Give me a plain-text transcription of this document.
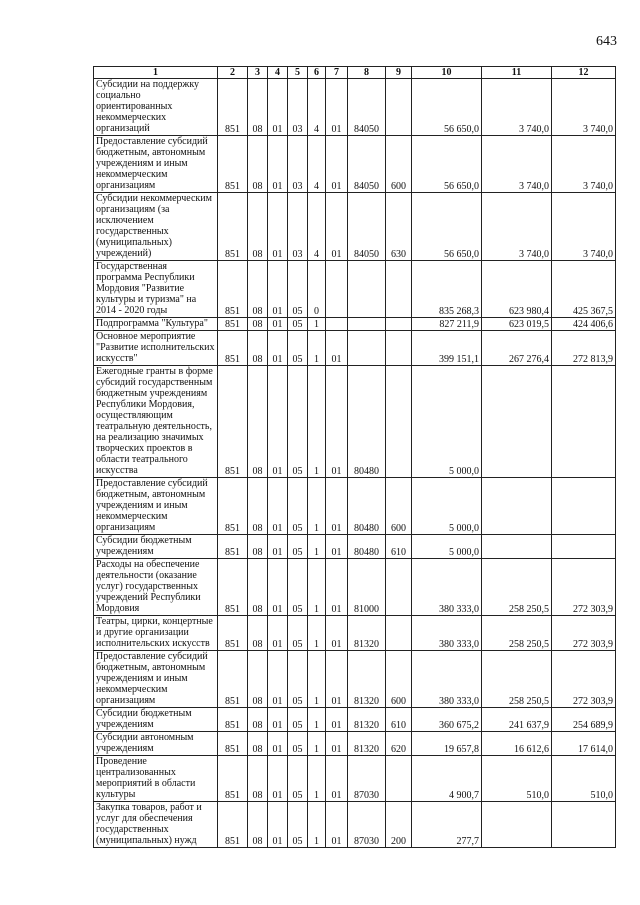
643
1	2	3	4	5	6	7	8	9	10	11	12
Субсидии на поддержку социально ориентированных некоммерческих организаций	851	08	01	03	4	01	84050		56 650,0	3 740,0	3 740,0
Предоставление субсидий бюджетным, автономным учреждениям и иным некоммерческим организациям	851	08	01	03	4	01	84050	600	56 650,0	3 740,0	3 740,0
Субсидии некоммерческим организациям (за исключением государственных (муниципальных) учреждений)	851	08	01	03	4	01	84050	630	56 650,0	3 740,0	3 740,0
Государственная программа Республики Мордовия "Развитие культуры и туризма" на 2014 - 2020 годы	851	08	01	05	0				835 268,3	623 980,4	425 367,5
Подпрограмма "Культура"	851	08	01	05	1				827 211,9	623 019,5	424 406,6
Основное мероприятие "Развитие исполнительских искусств"	851	08	01	05	1	01			399 151,1	267 276,4	272 813,9
Ежегодные гранты в форме субсидий государственным бюджетным учреждениям Республики Мордовия, осуществляющим театральную деятельность, на реализацию значимых творческих проектов в области театрального искусства	851	08	01	05	1	01	80480		5 000,0		
Предоставление субсидий бюджетным, автономным учреждениям и иным некоммерческим организациям	851	08	01	05	1	01	80480	600	5 000,0		
Субсидии бюджетным учреждениям	851	08	01	05	1	01	80480	610	5 000,0		
Расходы на обеспечение деятельности (оказание услуг) государственных учреждений Республики Мордовия	851	08	01	05	1	01	81000		380 333,0	258 250,5	272 303,9
Театры, цирки, концертные и другие организации исполнительских искусств	851	08	01	05	1	01	81320		380 333,0	258 250,5	272 303,9
Предоставление субсидий бюджетным, автономным учреждениям и иным некоммерческим организациям	851	08	01	05	1	01	81320	600	380 333,0	258 250,5	272 303,9
Субсидии бюджетным учреждениям	851	08	01	05	1	01	81320	610	360 675,2	241 637,9	254 689,9
Субсидии автономным учреждениям	851	08	01	05	1	01	81320	620	19 657,8	16 612,6	17 614,0
Проведение централизованных мероприятий в области культуры	851	08	01	05	1	01	87030		4 900,7	510,0	510,0
Закупка товаров, работ и услуг для обеспечения государственных (муниципальных) нужд	851	08	01	05	1	01	87030	200	277,7		
